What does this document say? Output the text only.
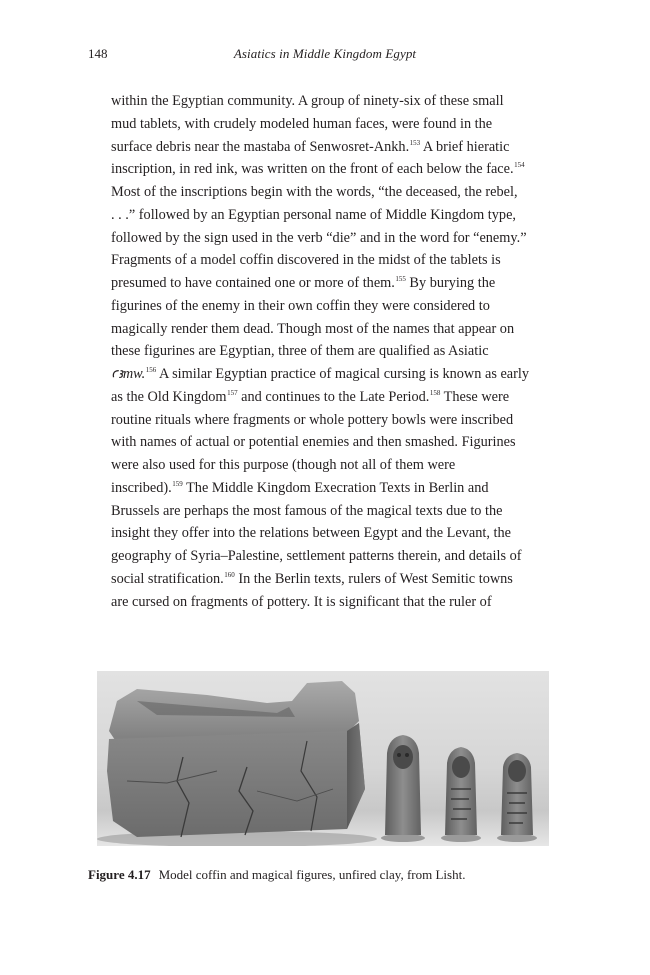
148	Asiatics in Middle Kingdom Egypt
within the Egyptian community. A group of ninety-six of these small
mud tablets, with crudely modeled human faces, were found in the
surface debris near the mastaba of Senwosret-Ankh.$^{153}$ A brief hieratic
inscription, in red ink, was written on the front of each below the face.$^{154}$
Most of the inscriptions begin with the words, “the deceased, the rebel,
. . .” followed by an Egyptian personal name of Middle Kingdom type,
followed by the sign used in the verb “die” and in the word for “enemy.”
Fragments of a model coffin discovered in the midst of the tablets is
presumed to have contained one or more of them.$^{155}$ By burying the
figurines of the enemy in their own coffin they were considered to
magically render them dead. Though most of the names that appear on
these figurines are Egyptian, three of them are qualified as Asiatic
ꜥꜣmw.$^{156}$ A similar Egyptian practice of magical cursing is known as early
as the Old Kingdom$^{157}$ and continues to the Late Period.$^{158}$ These were
routine rituals where fragments or whole pottery bowls were inscribed
with names of actual or potential enemies and then smashed. Figurines
were also used for this purpose (though not all of them were
inscribed).$^{159}$ The Middle Kingdom Execration Texts in Berlin and
Brussels are perhaps the most famous of the magical texts due to the
insight they offer into the relations between Egypt and the Levant, the
geography of Syria–Palestine, settlement patterns therein, and details of
social stratification.$^{160}$ In the Berlin texts, rulers of West Semitic towns
are cursed on fragments of pottery. It is significant that the ruler of
Figure 4.17 Model coffin and magical figures, unfired clay, from Lisht.
